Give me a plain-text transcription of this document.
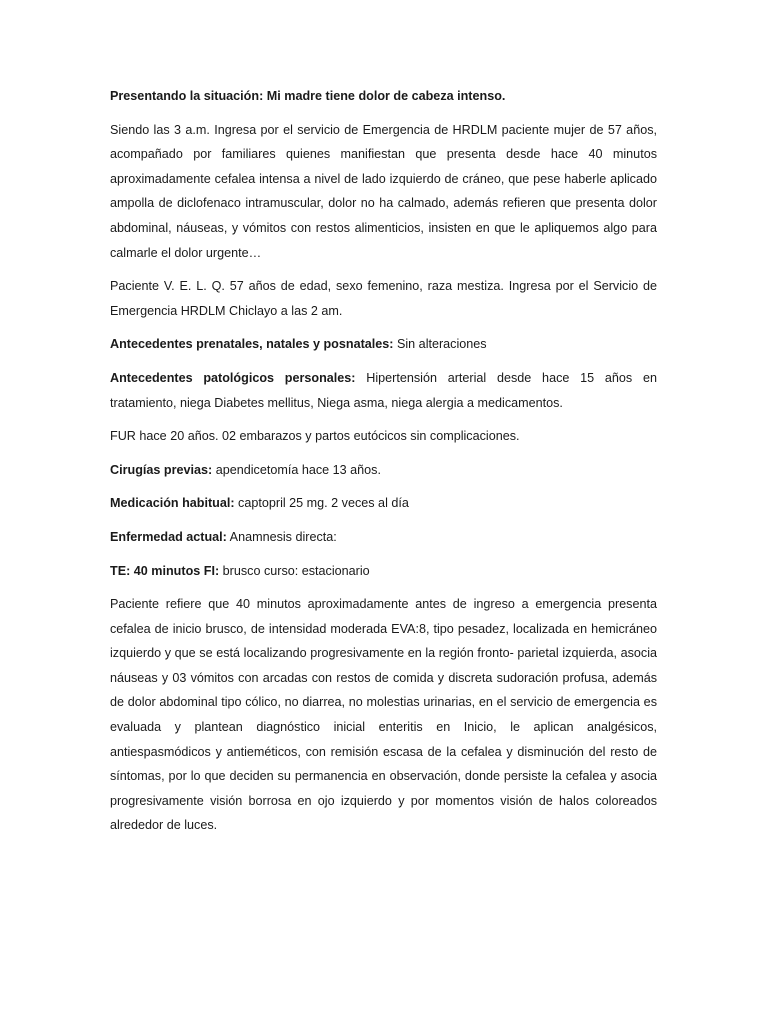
Presentando la situación: Mi madre tiene dolor de cabeza intenso.

Siendo las 3 a.m. Ingresa por el servicio de Emergencia de HRDLM paciente mujer de 57 años, acompañado por familiares quienes manifiestan que presenta desde hace 40 minutos aproximadamente cefalea intensa a nivel de lado izquierdo de cráneo, que pese haberle aplicado ampolla de diclofenaco intramuscular, dolor no ha calmado, además refieren que presenta dolor abdominal, náuseas, y vómitos con restos alimenticios, insisten en que le apliquemos algo para calmarle el dolor urgente…

Paciente V. E. L. Q. 57 años de edad, sexo femenino, raza mestiza. Ingresa por el Servicio de Emergencia HRDLM Chiclayo a las 2 am.

Antecedentes prenatales, natales y posnatales: Sin alteraciones

Antecedentes patológicos personales: Hipertensión arterial desde hace 15 años en tratamiento, niega Diabetes mellitus, Niega asma, niega alergia a medicamentos.

FUR hace 20 años. 02 embarazos y partos eutócicos sin complicaciones.

Cirugías previas: apendicetomía hace 13 años.

Medicación habitual: captopril 25 mg. 2 veces al día

Enfermedad actual: Anamnesis directa:

TE: 40 minutos FI: brusco curso: estacionario

Paciente refiere que 40 minutos aproximadamente antes de ingreso a emergencia presenta cefalea de inicio brusco, de intensidad moderada EVA:8, tipo pesadez, localizada en hemicráneo izquierdo y que se está localizando progresivamente en la región fronto- parietal izquierda, asocia náuseas y 03 vómitos con arcadas con restos de comida y discreta sudoración profusa, además de dolor abdominal tipo cólico, no diarrea, no molestias urinarias, en el servicio de emergencia es evaluada y plantean diagnóstico inicial enteritis en Inicio, le aplican analgésicos, antiespasmódicos y antieméticos, con remisión escasa de la cefalea y disminución del resto de síntomas, por lo que deciden su permanencia en observación, donde persiste la cefalea y asocia progresivamente visión borrosa en ojo izquierdo y por momentos visión de halos coloreados alrededor de luces.
